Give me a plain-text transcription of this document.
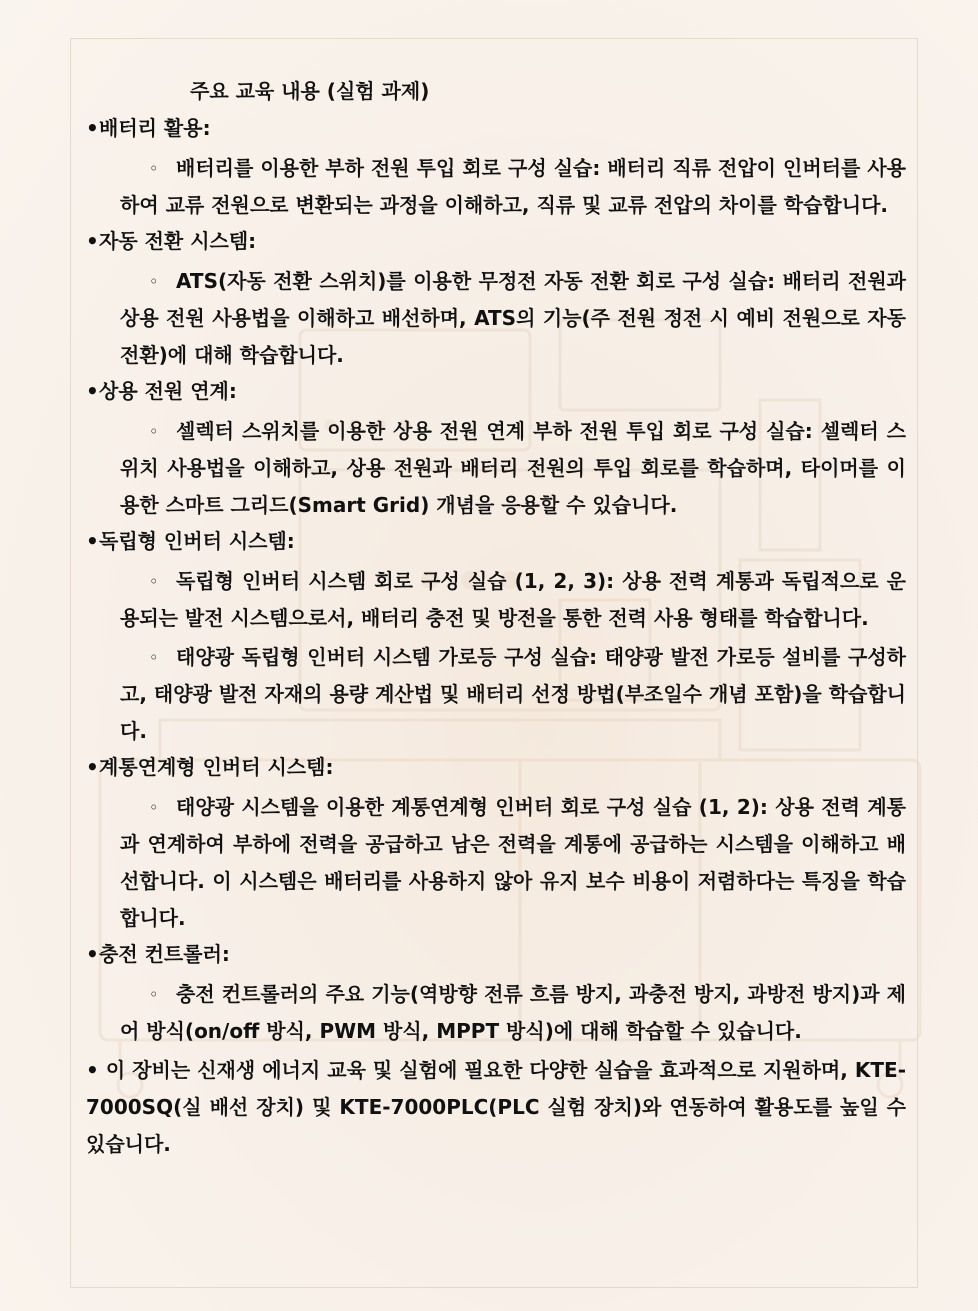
주요 교육 내용 (실험 과제)
• 배터리 활용:
◦ 배터리를 이용한 부하 전원 투입 회로 구성 실습: 배터리 직류 전압이 인버터를 사용하여 교류 전원으로 변환되는 과정을 이해하고, 직류 및 교류 전압의 차이를 학습합니다.
• 자동 전환 시스템:
◦ ATS(자동 전환 스위치)를 이용한 무정전 자동 전환 회로 구성 실습: 배터리 전원과 상용 전원 사용법을 이해하고 배선하며, ATS의 기능(주 전원 정전 시 예비 전원으로 자동 전환)에 대해 학습합니다.
• 상용 전원 연계:
◦ 셀렉터 스위치를 이용한 상용 전원 연계 부하 전원 투입 회로 구성 실습: 셀렉터 스위치 사용법을 이해하고, 상용 전원과 배터리 전원의 투입 회로를 학습하며, 타이머를 이용한 스마트 그리드(Smart Grid) 개념을 응용할 수 있습니다.
• 독립형 인버터 시스템:
◦ 독립형 인버터 시스템 회로 구성 실습 (1, 2, 3): 상용 전력 계통과 독립적으로 운용되는 발전 시스템으로서, 배터리 충전 및 방전을 통한 전력 사용 형태를 학습합니다.
◦ 태양광 독립형 인버터 시스템 가로등 구성 실습: 태양광 발전 가로등 설비를 구성하고, 태양광 발전 자재의 용량 계산법 및 배터리 선정 방법(부조일수 개념 포함)을 학습합니다.
• 계통연계형 인버터 시스템:
◦ 태양광 시스템을 이용한 계통연계형 인버터 회로 구성 실습 (1, 2): 상용 전력 계통과 연계하여 부하에 전력을 공급하고 남은 전력을 계통에 공급하는 시스템을 이해하고 배선합니다. 이 시스템은 배터리를 사용하지 않아 유지 보수 비용이 저렴하다는 특징을 학습합니다.
• 충전 컨트롤러:
◦ 충전 컨트롤러의 주요 기능(역방향 전류 흐름 방지, 과충전 방지, 과방전 방지)과 제어 방식(on/off 방식, PWM 방식, MPPT 방식)에 대해 학습할 수 있습니다.
• 이 장비는 신재생 에너지 교육 및 실험에 필요한 다양한 실습을 효과적으로 지원하며, KTE-7000SQ(실 배선 장치) 및 KTE-7000PLC(PLC 실험 장치)와 연동하여 활용도를 높일 수 있습니다.
